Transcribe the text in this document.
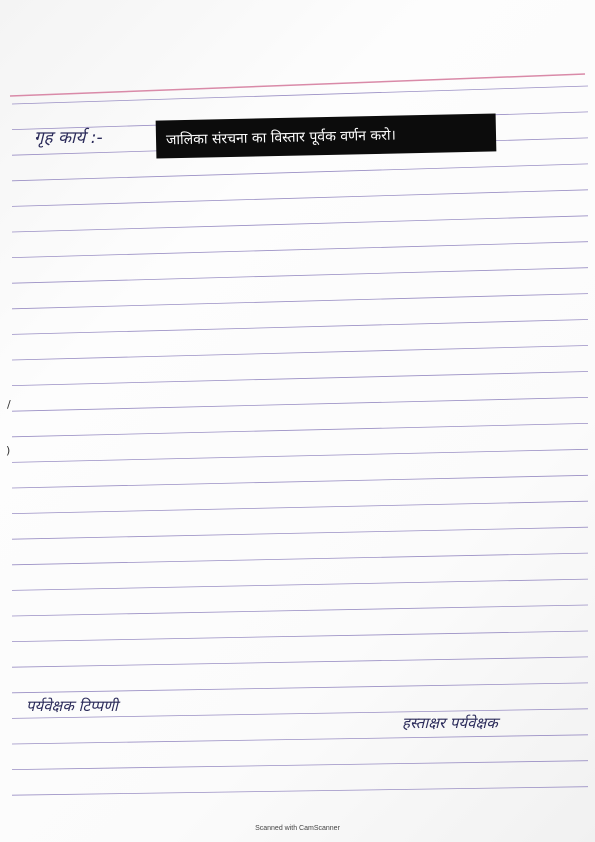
/
)
गृह कार्य :-	जालिका संरचना का विस्तार पूर्वक वर्णन करो।
पर्यवेक्षक टिप्पणी
हस्ताक्षर पर्यवेक्षक
Scanned with CamScanner
